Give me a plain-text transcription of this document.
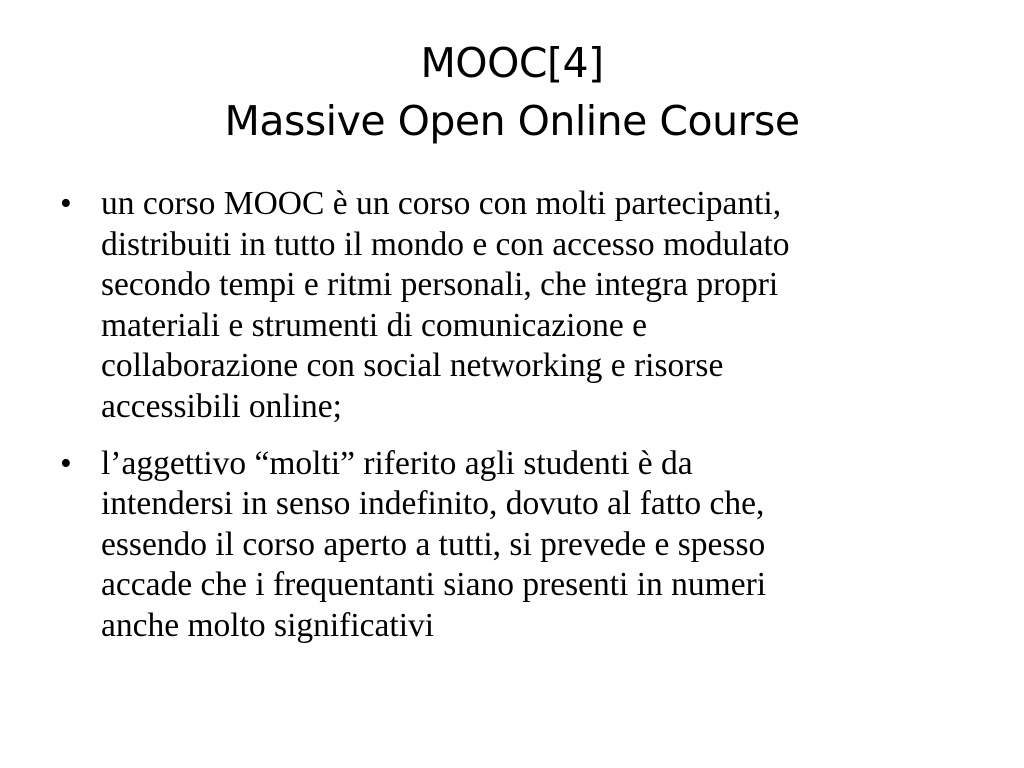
MOOC[4]
Massive Open Online Course
• un corso MOOC è un corso con molti partecipanti,
distribuiti in tutto il mondo e con accesso modulato
secondo tempi e ritmi personali, che integra propri
materiali e strumenti di comunicazione e
collaborazione con social networking e risorse
accessibili online;
• l’aggettivo “molti” riferito agli studenti è da
intendersi in senso indefinito, dovuto al fatto che,
essendo il corso aperto a tutti, si prevede e spesso
accade che i frequentanti siano presenti in numeri
anche molto significativi
